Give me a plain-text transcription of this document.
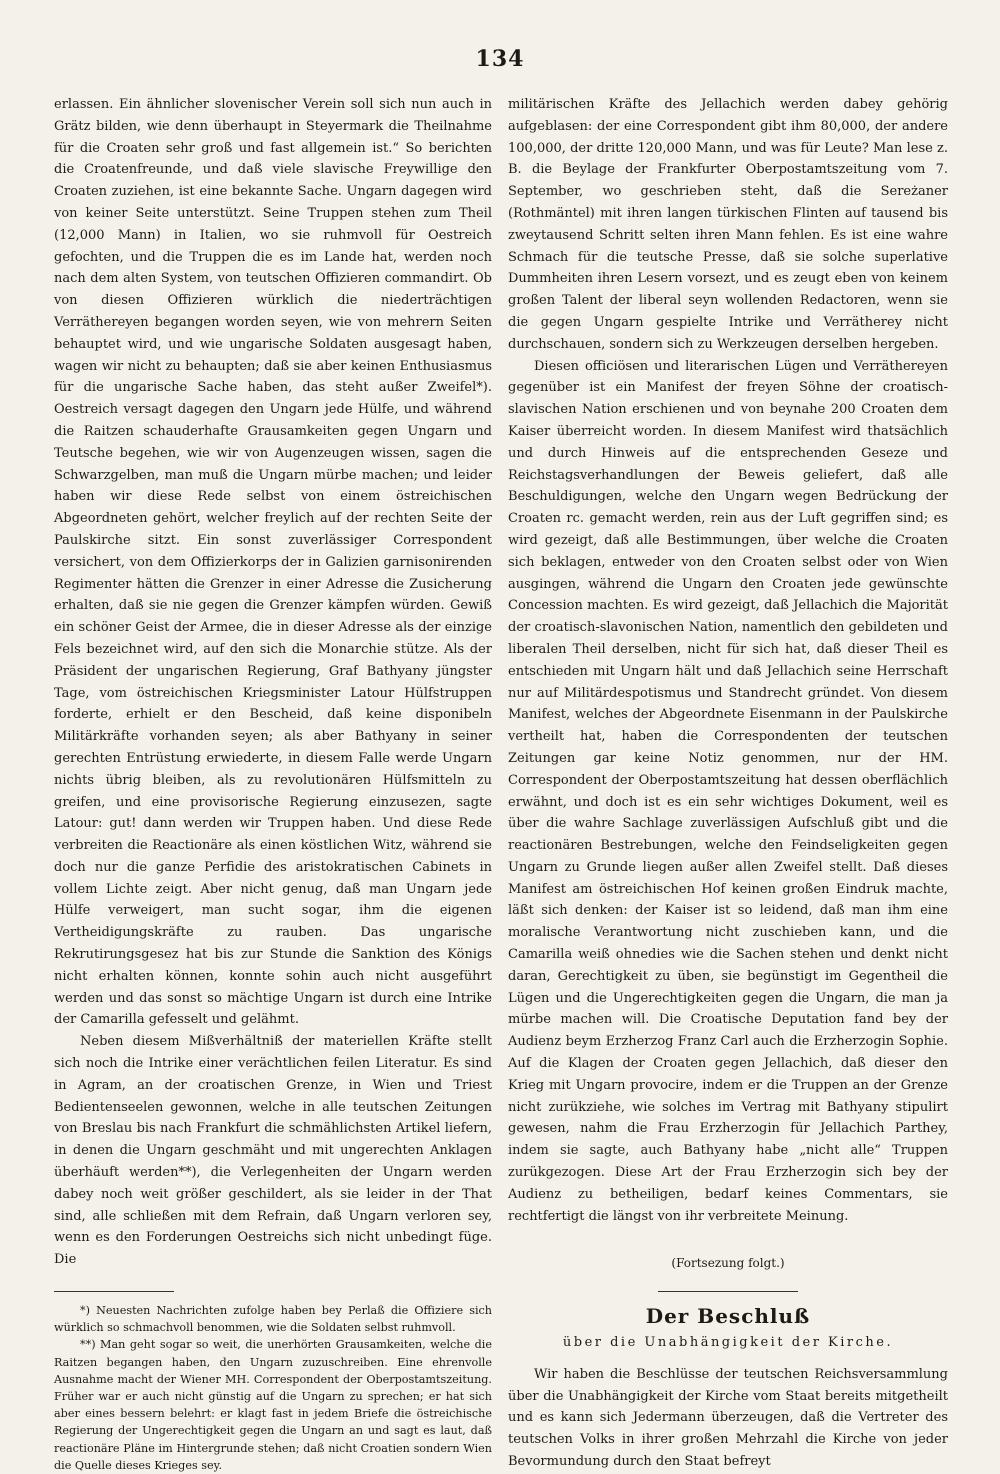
134

erlassen. Ein ähnlicher slovenischer Verein soll sich nun auch in Grätz bilden, wie denn überhaupt in Steyermark die Theilnahme für die Croaten sehr groß und fast allgemein ist.“ So berichten die Croatenfreunde, und daß viele slavische Freywillige den Croaten zuziehen, ist eine bekannte Sache. Ungarn dagegen wird von keiner Seite unterstützt. Seine Truppen stehen zum Theil (12,000 Mann) in Italien, wo sie ruhmvoll für Oestreich gefochten, und die Truppen die es im Lande hat, werden noch nach dem alten System, von teutschen Offizieren commandirt. Ob von diesen Offizieren würklich die niederträchtigen Verräthereyen begangen worden seyen, wie von mehrern Seiten behauptet wird, und wie ungarische Soldaten ausgesagt haben, wagen wir nicht zu behaupten; daß sie aber keinen Enthusiasmus für die ungarische Sache haben, das steht außer Zweifel*). Oestreich versagt dagegen den Ungarn jede Hülfe, und während die Raitzen schauderhafte Grausamkeiten gegen Ungarn und Teutsche begehen, wie wir von Augenzeugen wissen, sagen die Schwarzgelben, man muß die Ungarn mürbe machen; und leider haben wir diese Rede selbst von einem östreichischen Abgeordneten gehört, welcher freylich auf der rechten Seite der Paulskirche sitzt. Ein sonst zuverlässiger Correspondent versichert, von dem Offizierkorps der in Galizien garnisonirenden Regimenter hätten die Grenzer in einer Adresse die Zusicherung erhalten, daß sie nie gegen die Grenzer kämpfen würden. Gewiß ein schöner Geist der Armee, die in dieser Adresse als der einzige Fels bezeichnet wird, auf den sich die Monarchie stütze. Als der Präsident der ungarischen Regierung, Graf Bathyany jüngster Tage, vom östreichischen Kriegsminister Latour Hülfstruppen forderte, erhielt er den Bescheid, daß keine disponibeln Militärkräfte vorhanden seyen; als aber Bathyany in seiner gerechten Entrüstung erwiederte, in diesem Falle werde Ungarn nichts übrig bleiben, als zu revolutionären Hülfsmitteln zu greifen, und eine provisorische Regierung einzusezen, sagte Latour: gut! dann werden wir Truppen haben. Und diese Rede verbreiten die Reactionäre als einen köstlichen Witz, während sie doch nur die ganze Perfidie des aristokratischen Cabinets in vollem Lichte zeigt. Aber nicht genug, daß man Ungarn jede Hülfe verweigert, man sucht sogar, ihm die eigenen Vertheidigungskräfte zu rauben. Das ungarische Rekrutirungsgesez hat bis zur Stunde die Sanktion des Königs nicht erhalten können, konnte sohin auch nicht ausgeführt werden und das sonst so mächtige Ungarn ist durch eine Intrike der Camarilla gefesselt und gelähmt.

Neben diesem Mißverhältniß der materiellen Kräfte stellt sich noch die Intrike einer verächtlichen feilen Literatur. Es sind in Agram, an der croatischen Grenze, in Wien und Triest Bedientenseelen gewonnen, welche in alle teutschen Zeitungen von Breslau bis nach Frankfurt die schmählichsten Artikel liefern, in denen die Ungarn geschmäht und mit ungerechten Anklagen überhäuft werden**), die Verlegenheiten der Ungarn werden dabey noch weit größer geschildert, als sie leider in der That sind, alle schließen mit dem Refrain, daß Ungarn verloren sey, wenn es den Forderungen Oestreichs sich nicht unbedingt füge. Die

*) Neuesten Nachrichten zufolge haben bey Perlaß die Offiziere sich würklich so schmachvoll benommen, wie die Soldaten selbst ruhmvoll.

**) Man geht sogar so weit, die unerhörten Grausamkeiten, welche die Raitzen begangen haben, den Ungarn zuzuschreiben. Eine ehrenvolle Ausnahme macht der Wiener MH. Correspondent der Oberpostamtszeitung. Früher war er auch nicht günstig auf die Ungarn zu sprechen; er hat sich aber eines bessern belehrt: er klagt fast in jedem Briefe die östreichische Regierung der Ungerechtigkeit gegen die Ungarn an und sagt es laut, daß reactionäre Pläne im Hintergrunde stehen; daß nicht Croatien sondern Wien die Quelle dieses Krieges sey.

militärischen Kräfte des Jellachich werden dabey gehörig aufgeblasen: der eine Correspondent gibt ihm 80,000, der andere 100,000, der dritte 120,000 Mann, und was für Leute? Man lese z. B. die Beylage der Frankfurter Oberpostamtszeitung vom 7. September, wo geschrieben steht, daß die Sereżaner (Rothmäntel) mit ihren langen türkischen Flinten auf tausend bis zweytausend Schritt selten ihren Mann fehlen. Es ist eine wahre Schmach für die teutsche Presse, daß sie solche superlative Dummheiten ihren Lesern vorsezt, und es zeugt eben von keinem großen Talent der liberal seyn wollenden Redactoren, wenn sie die gegen Ungarn gespielte Intrike und Verrätherey nicht durchschauen, sondern sich zu Werkzeugen derselben hergeben.

Diesen officiösen und literarischen Lügen und Verräthereyen gegenüber ist ein Manifest der freyen Söhne der croatisch-slavischen Nation erschienen und von beynahe 200 Croaten dem Kaiser überreicht worden. In diesem Manifest wird thatsächlich und durch Hinweis auf die entsprechenden Geseze und Reichstagsverhandlungen der Beweis geliefert, daß alle Beschuldigungen, welche den Ungarn wegen Bedrückung der Croaten rc. gemacht werden, rein aus der Luft gegriffen sind; es wird gezeigt, daß alle Bestimmungen, über welche die Croaten sich beklagen, entweder von den Croaten selbst oder von Wien ausgingen, während die Ungarn den Croaten jede gewünschte Concession machten. Es wird gezeigt, daß Jellachich die Majorität der croatisch-slavonischen Nation, namentlich den gebildeten und liberalen Theil derselben, nicht für sich hat, daß dieser Theil es entschieden mit Ungarn hält und daß Jellachich seine Herrschaft nur auf Militärdespotismus und Standrecht gründet. Von diesem Manifest, welches der Abgeordnete Eisenmann in der Paulskirche vertheilt hat, haben die Correspondenten der teutschen Zeitungen gar keine Notiz genommen, nur der HM. Correspondent der Oberpostamtszeitung hat dessen oberflächlich erwähnt, und doch ist es ein sehr wichtiges Dokument, weil es über die wahre Sachlage zuverlässigen Aufschluß gibt und die reactionären Bestrebungen, welche den Feindseligkeiten gegen Ungarn zu Grunde liegen außer allen Zweifel stellt. Daß dieses Manifest am östreichischen Hof keinen großen Eindruk machte, läßt sich denken: der Kaiser ist so leidend, daß man ihm eine moralische Verantwortung nicht zuschieben kann, und die Camarilla weiß ohnedies wie die Sachen stehen und denkt nicht daran, Gerechtigkeit zu üben, sie begünstigt im Gegentheil die Lügen und die Ungerechtigkeiten gegen die Ungarn, die man ja mürbe machen will. Die Croatische Deputation fand bey der Audienz beym Erzherzog Franz Carl auch die Erzherzogin Sophie. Auf die Klagen der Croaten gegen Jellachich, daß dieser den Krieg mit Ungarn provocire, indem er die Truppen an der Grenze nicht zurükziehe, wie solches im Vertrag mit Bathyany stipulirt gewesen, nahm die Frau Erzherzogin für Jellachich Parthey, indem sie sagte, auch Bathyany habe „nicht alle“ Truppen zurükgezogen. Diese Art der Frau Erzherzogin sich bey der Audienz zu betheiligen, bedarf keines Commentars, sie rechtfertigt die längst von ihr verbreitete Meinung.

(Fortsezung folgt.)
Der Beschluß
über die Unabhängigkeit der Kirche.

Wir haben die Beschlüsse der teutschen Reichsversammlung über die Unabhängigkeit der Kirche vom Staat bereits mitgetheilt und es kann sich Jedermann überzeugen, daß die Vertreter des teutschen Volks in ihrer großen Mehrzahl die Kirche von jeder Bevormundung durch den Staat befreyt
